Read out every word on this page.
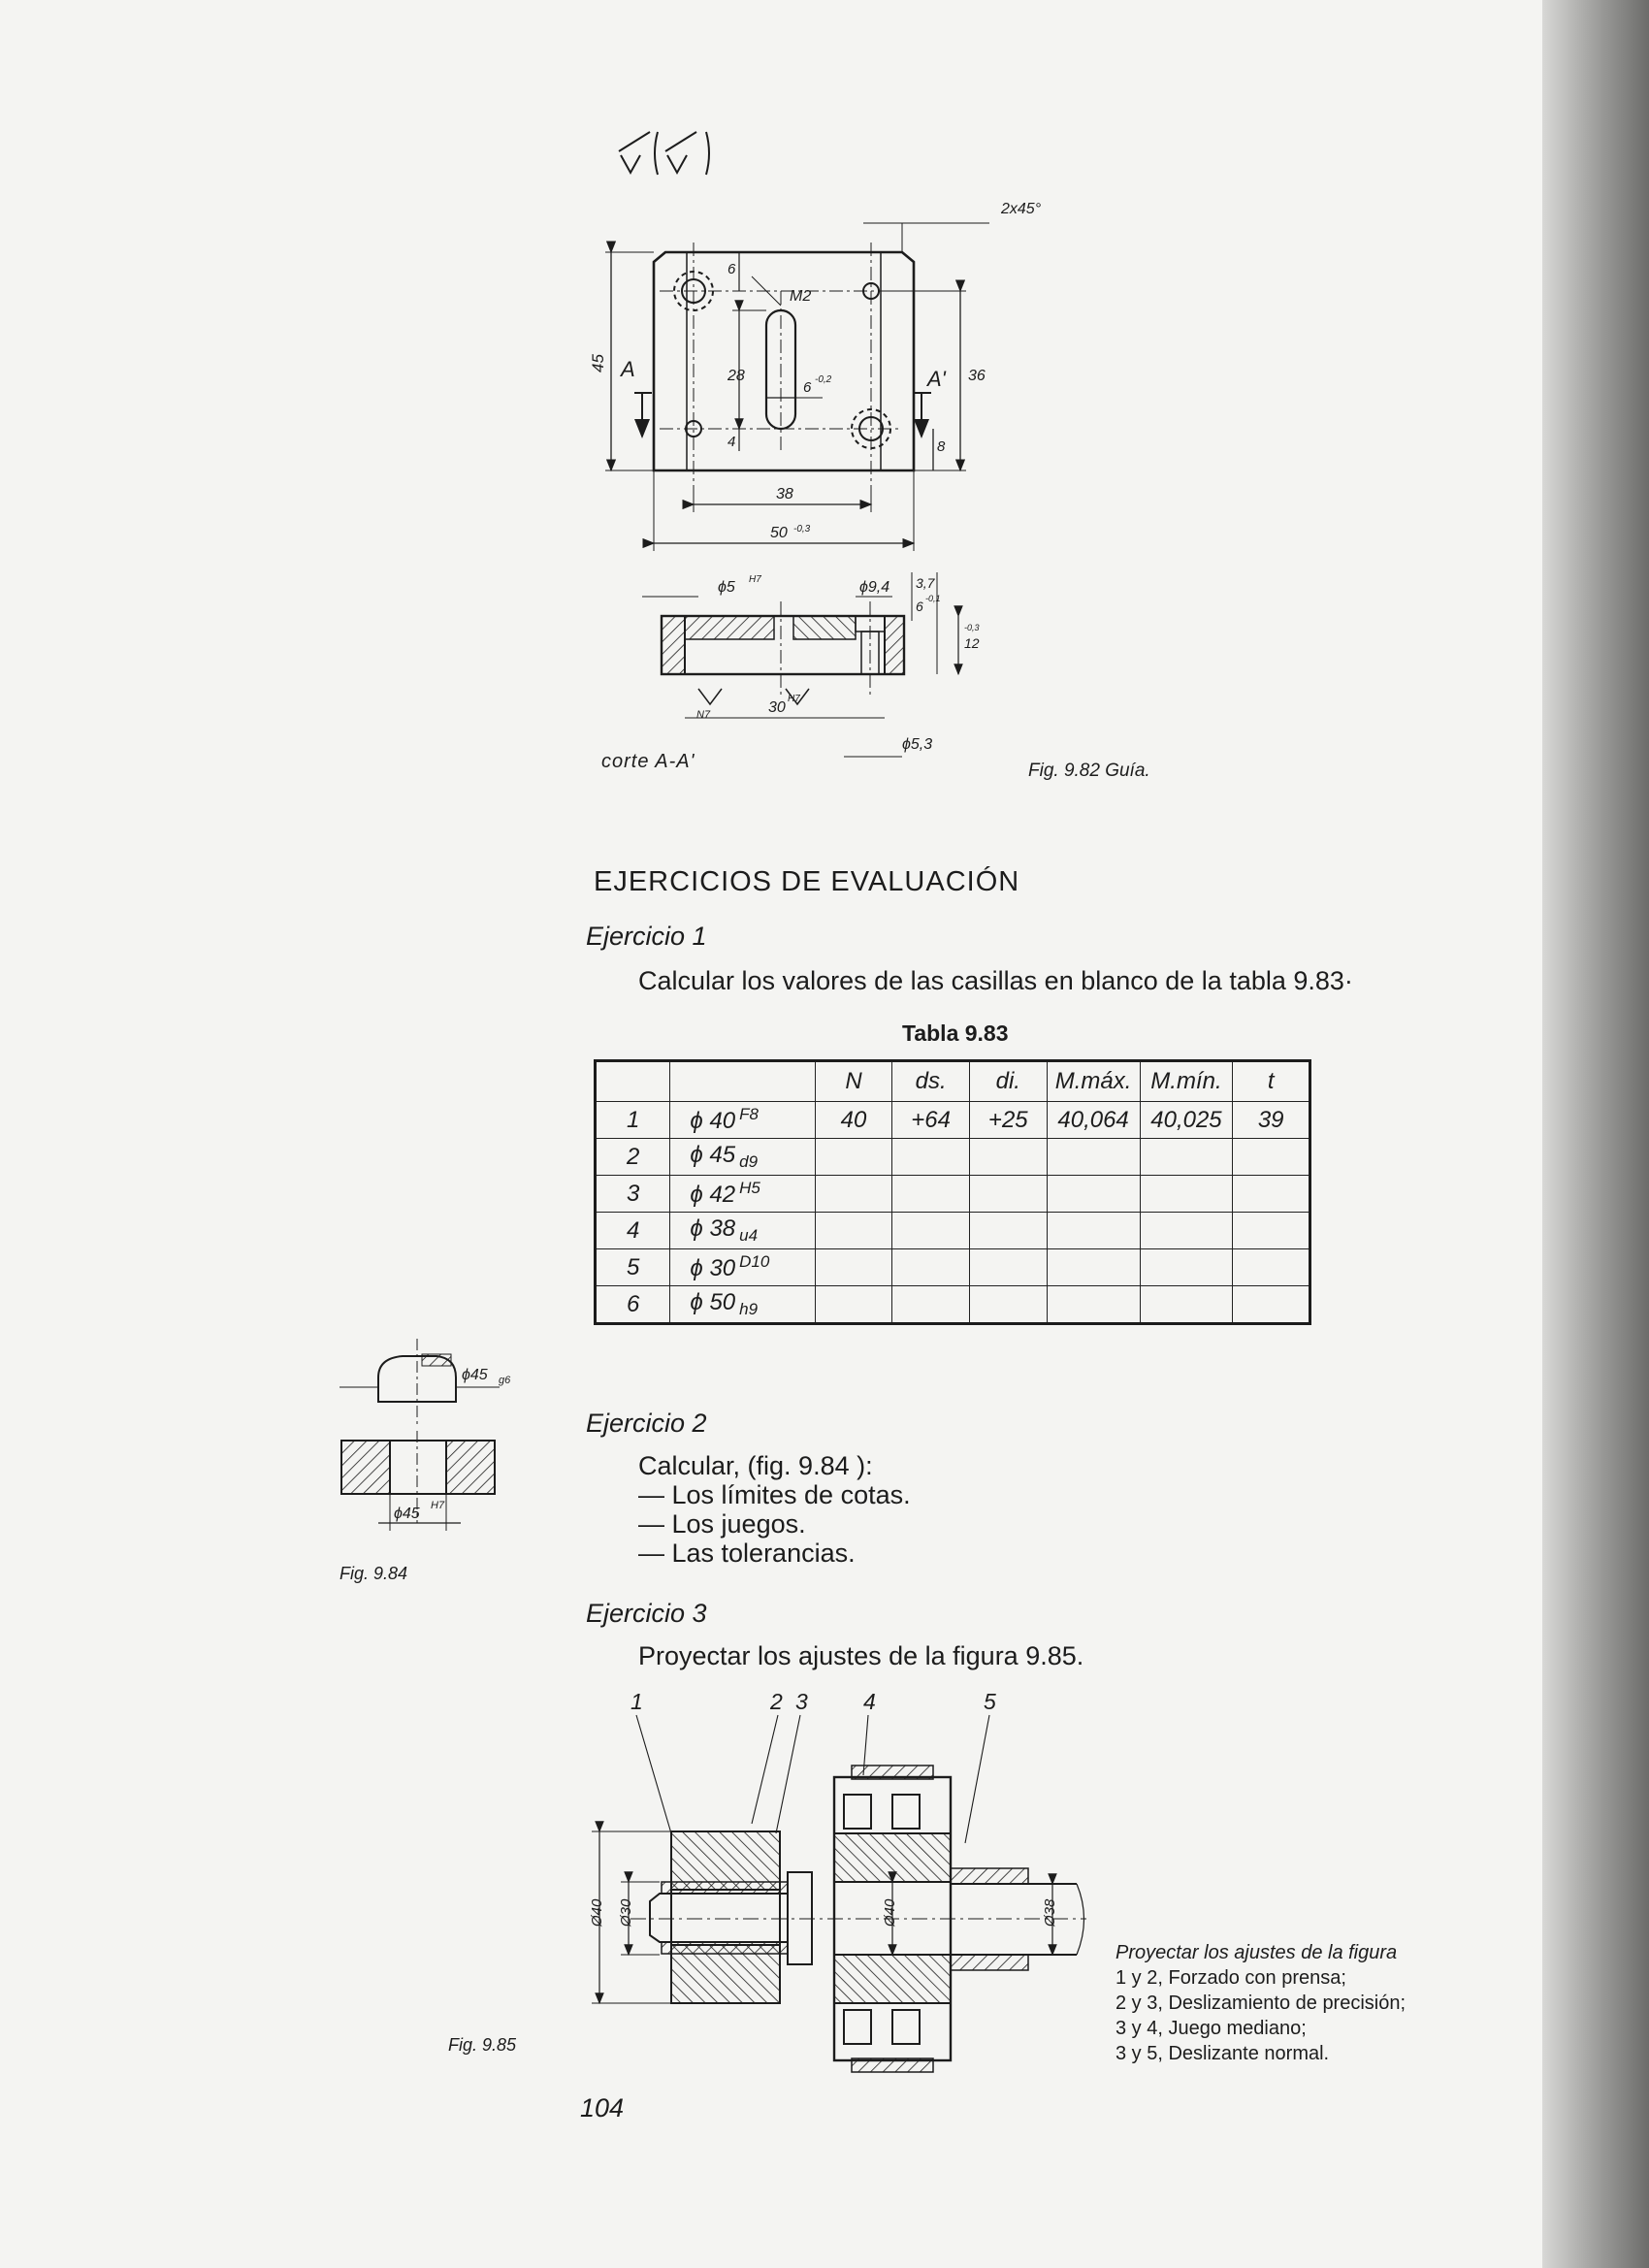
2x45°
45 A	A'
M2
6
28
4
6 -0,2	36
8
38
50 -0,3
ϕ5 H7	ϕ9,4 3,7
6 -0,1
12
-0,3
30
H7
ϕ5,3
N7
corte A-A'	Fig. 9.82 Guía.
EJERCICIOS DE EVALUACIÓN
Ejercicio 1
Calcular los valores de las casillas en blanco de la tabla 9.83·
Tabla 9.83
		N	ds.	di.	M.máx.	M.mín.	t
1	ϕ 40 $^{F8}$	40	+64	+25	40,064	40,025	39
2	ϕ 45 $_{d9}$						
3	ϕ 42 $^{H5}$						
4	ϕ 38 $_{u4}$						
5	ϕ 30 $^{D10}$						
6	ϕ 50 $_{h9}$						
ϕ45 g6
ϕ45 H7
Fig. 9.84
Ejercicio 2
Calcular, (fig. 9.84 ):
— Los límites de cotas.
— Los juegos.
— Las tolerancias.
Ejercicio 3
Proyectar los ajustes de la figura 9.85.
1	2 3 4	5
Ø40 Ø30	Ø40	Ø38
Fig. 9.85
Proyectar los ajustes de la figura
1 y 2, Forzado con prensa;
2 y 3, Deslizamiento de precisión;
3 y 4, Juego mediano;
3 y 5, Deslizante normal.
104
